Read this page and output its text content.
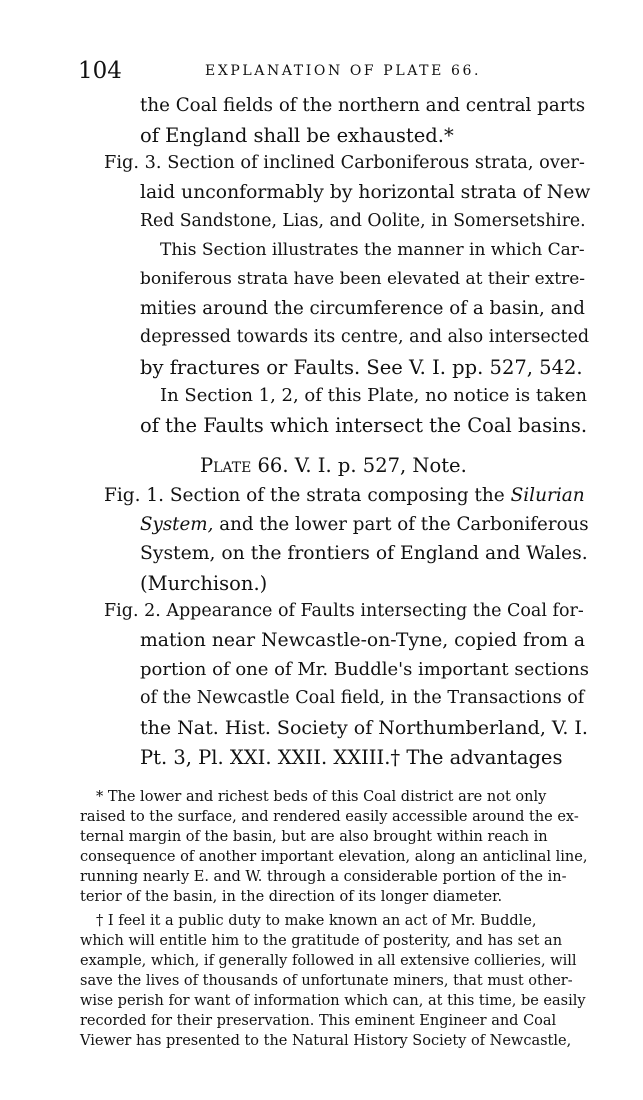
104	EXPLANATION OF PLATE 66.
the Coal fields of the northern and central parts
of England shall be exhausted.*
Fig. 3. Section of inclined Carboniferous strata, over-
laid unconformably by horizontal strata of New
Red Sandstone, Lias, and Oolite, in Somersetshire.
This Section illustrates the manner in which Car-
boniferous strata have been elevated at their extre-
mities around the circumference of a basin, and
depressed towards its centre, and also intersected
by fractures or Faults. See V. I. pp. 527, 542.
In Section 1, 2, of this Plate, no notice is taken
of the Faults which intersect the Coal basins.
Plate 66. V. I. p. 527, Note.
Fig. 1. Section of the strata composing the Silurian
System, and the lower part of the Carboniferous
System, on the frontiers of England and Wales.
(Murchison.)
Fig. 2. Appearance of Faults intersecting the Coal for-
mation near Newcastle-on-Tyne, copied from a
portion of one of Mr. Buddle's important sections
of the Newcastle Coal field, in the Transactions of
the Nat. Hist. Society of Northumberland, V. I.
Pt. 3, Pl. XXI. XXII. XXIII.† The advantages
* The lower and richest beds of this Coal district are not only
raised to the surface, and rendered easily accessible around the ex-
ternal margin of the basin, but are also brought within reach in
consequence of another important elevation, along an anticlinal line,
running nearly E. and W. through a considerable portion of the in-
terior of the basin, in the direction of its longer diameter.
† I feel it a public duty to make known an act of Mr. Buddle,
which will entitle him to the gratitude of posterity, and has set an
example, which, if generally followed in all extensive collieries, will
save the lives of thousands of unfortunate miners, that must other-
wise perish for want of information which can, at this time, be easily
recorded for their preservation. This eminent Engineer and Coal
Viewer has presented to the Natural History Society of Newcastle,
